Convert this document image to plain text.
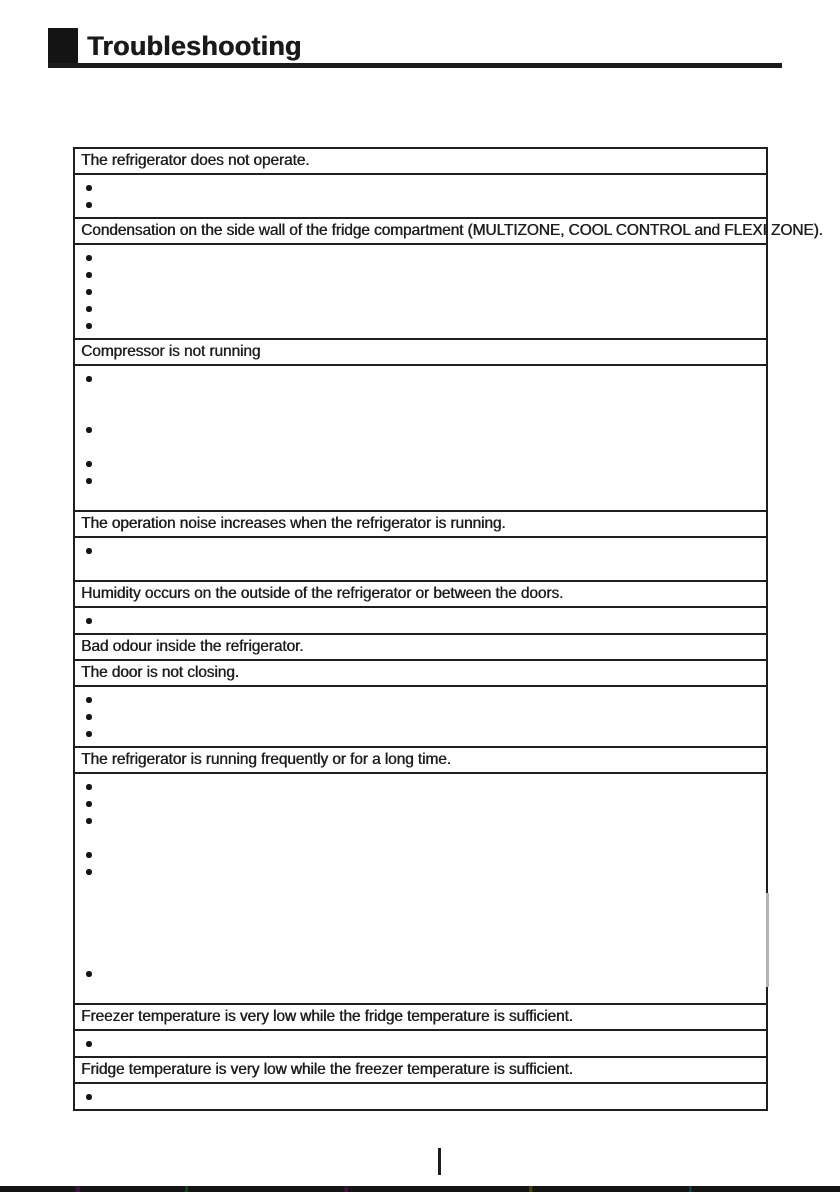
Troubleshooting
The refrigerator does not operate.
Condensation on the side wall of the fridge compartment (MULTIZONE, COOL CONTROL and FLEXI ZONE).
Compressor is not running
The operation noise increases when the refrigerator is running.
Humidity occurs on the outside of the refrigerator or between the doors.
Bad odour inside the refrigerator.
The door is not closing.
The refrigerator is running frequently or for a long time.
Freezer temperature is very low while the fridge temperature is sufficient.
Fridge temperature is very low while the freezer temperature is sufficient.
